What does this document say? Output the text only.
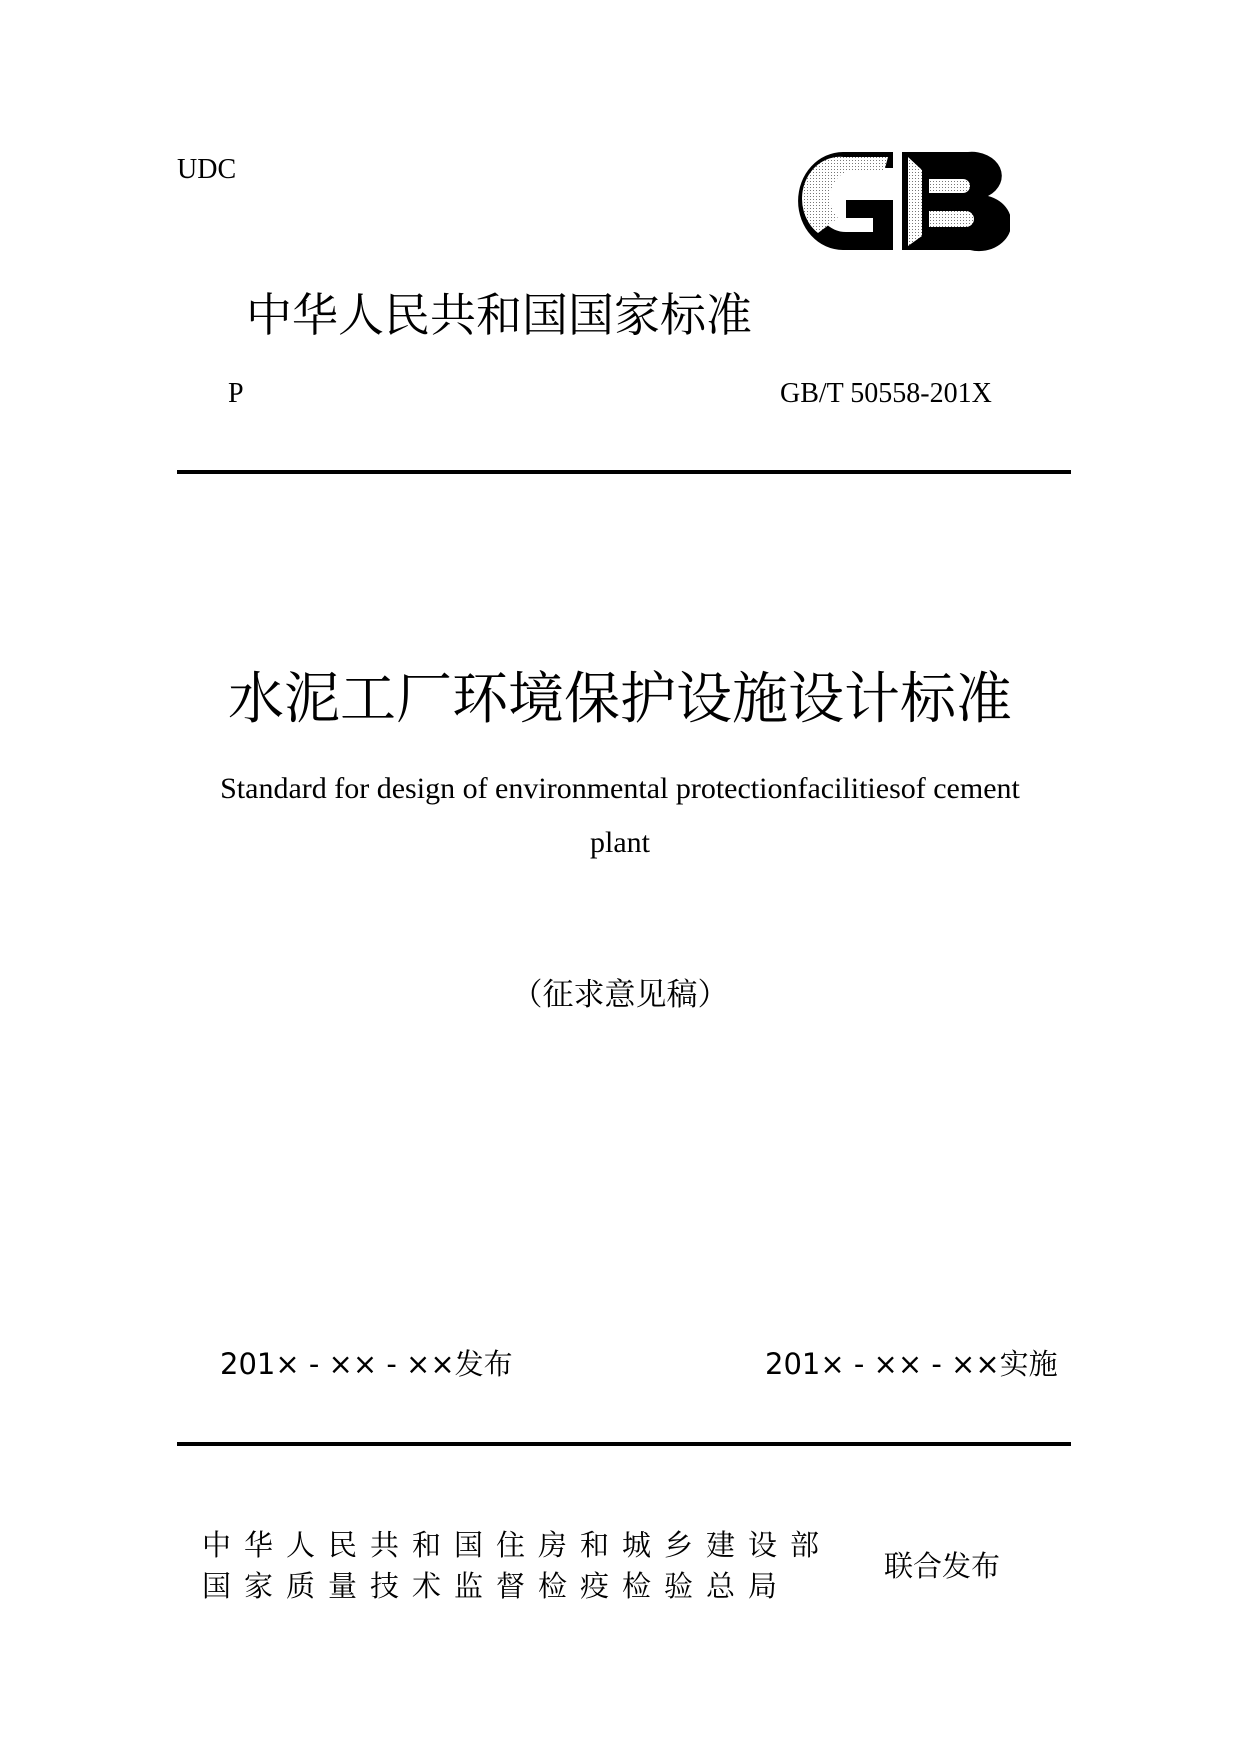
UDC
中华人民共和国国家标准
P	GB/T 50558-201X
水泥工厂环境保护设施设计标准
Standard for design of environmental protectionfacilitiesof cement
plant
（征求意见稿）
201× - ×× - ××发布	201× - ×× - ××实施
中华人民共和国住房和城乡建设部
国家质量技术监督检疫检验总局
联合发布
